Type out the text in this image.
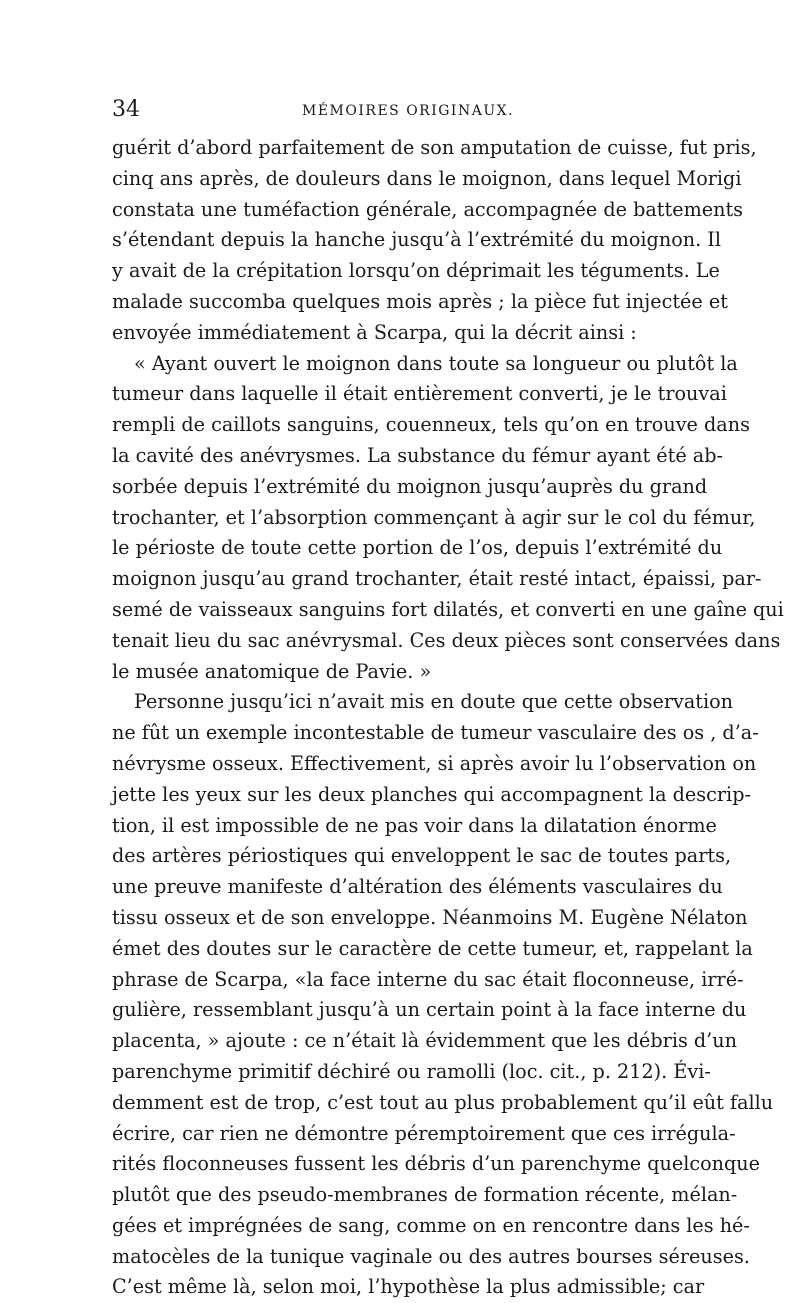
34	MÉMOIRES ORIGINAUX.
guérit d’abord parfaitement de son amputation de cuisse, fut pris,
cinq ans après, de douleurs dans le moignon, dans lequel Morigi
constata une tuméfaction générale, accompagnée de battements
s’étendant depuis la hanche jusqu’à l’extrémité du moignon. Il
y avait de la crépitation lorsqu’on déprimait les téguments. Le
malade succomba quelques mois après ; la pièce fut injectée et
envoyée immédiatement à Scarpa, qui la décrit ainsi :
« Ayant ouvert le moignon dans toute sa longueur ou plutôt la
tumeur dans laquelle il était entièrement converti, je le trouvai
rempli de caillots sanguins, couenneux, tels qu’on en trouve dans
la cavité des anévrysmes. La substance du fémur ayant été ab-
sorbée depuis l’extrémité du moignon jusqu’auprès du grand
trochanter, et l’absorption commençant à agir sur le col du fémur,
le périoste de toute cette portion de l’os, depuis l’extrémité du
moignon jusqu’au grand trochanter, était resté intact, épaissi, par-
semé de vaisseaux sanguins fort dilatés, et converti en une gaîne qui
tenait lieu du sac anévrysmal. Ces deux pièces sont conservées dans
le musée anatomique de Pavie. »
Personne jusqu’ici n’avait mis en doute que cette observation
ne fût un exemple incontestable de tumeur vasculaire des os , d’a-
névrysme osseux. Effectivement, si après avoir lu l’observation on
jette les yeux sur les deux planches qui accompagnent la descrip-
tion, il est impossible de ne pas voir dans la dilatation énorme
des artères périostiques qui enveloppent le sac de toutes parts,
une preuve manifeste d’altération des éléments vasculaires du
tissu osseux et de son enveloppe. Néanmoins M. Eugène Nélaton
émet des doutes sur le caractère de cette tumeur, et, rappelant la
phrase de Scarpa, «la face interne du sac était floconneuse, irré-
gulière, ressemblant jusqu’à un certain point à la face interne du
placenta, » ajoute : ce n’était là évidemment que les débris d’un
parenchyme primitif déchiré ou ramolli (loc. cit., p. 212). Évi-
demment est de trop, c’est tout au plus probablement qu’il eût fallu
écrire, car rien ne démontre péremptoirement que ces irrégula-
rités floconneuses fussent les débris d’un parenchyme quelconque
plutôt que des pseudo-membranes de formation récente, mélan-
gées et imprégnées de sang, comme on en rencontre dans les hé-
matocèles de la tunique vaginale ou des autres bourses séreuses.
C’est même là, selon moi, l’hypothèse la plus admissible; car
